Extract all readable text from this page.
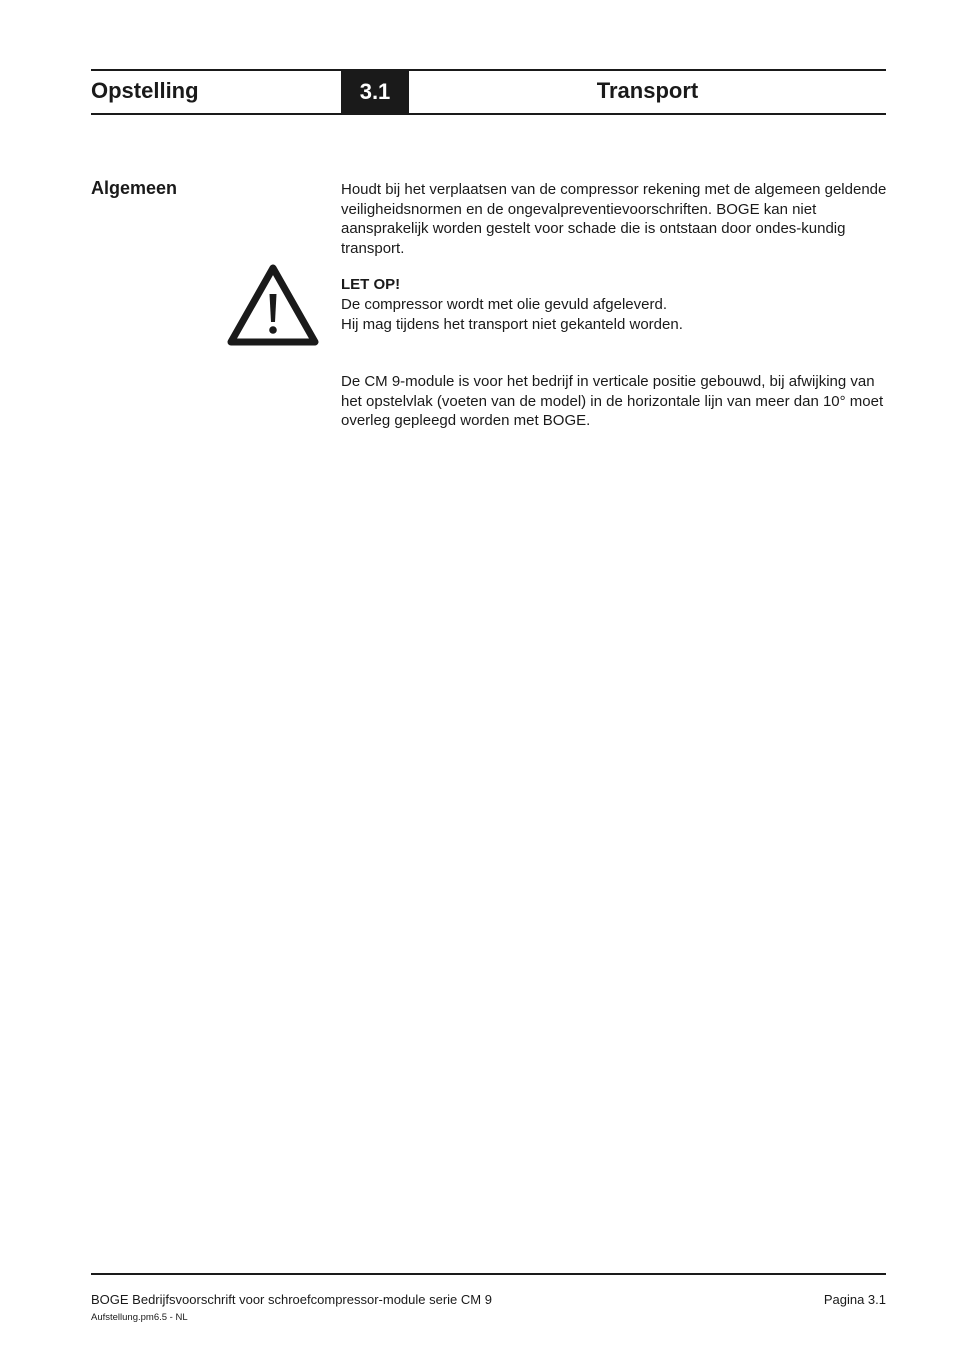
Opstelling	3.1	Transport
Algemeen	Houdt bij het verplaatsen van de compressor rekening met de algemeen geldende veiligheidsnormen en de ongevalpreventievoorschriften. BOGE kan niet aansprakelijk worden gestelt voor schade die is ontstaan door ondes-kundig transport.

LET OP!
De compressor wordt met olie gevuld afgeleverd.
Hij mag tijdens het transport niet gekanteld worden.

De CM 9-module is voor het bedrijf in verticale positie gebouwd, bij afwijking van het opstelvlak (voeten van de model) in de horizontale lijn van meer dan 10° moet overleg gepleegd worden met BOGE.

BOGE Bedrijfsvoorschrift voor schroefcompressor-module serie CM 9	Pagina 3.1
Aufstellung.pm6.5 - NL
